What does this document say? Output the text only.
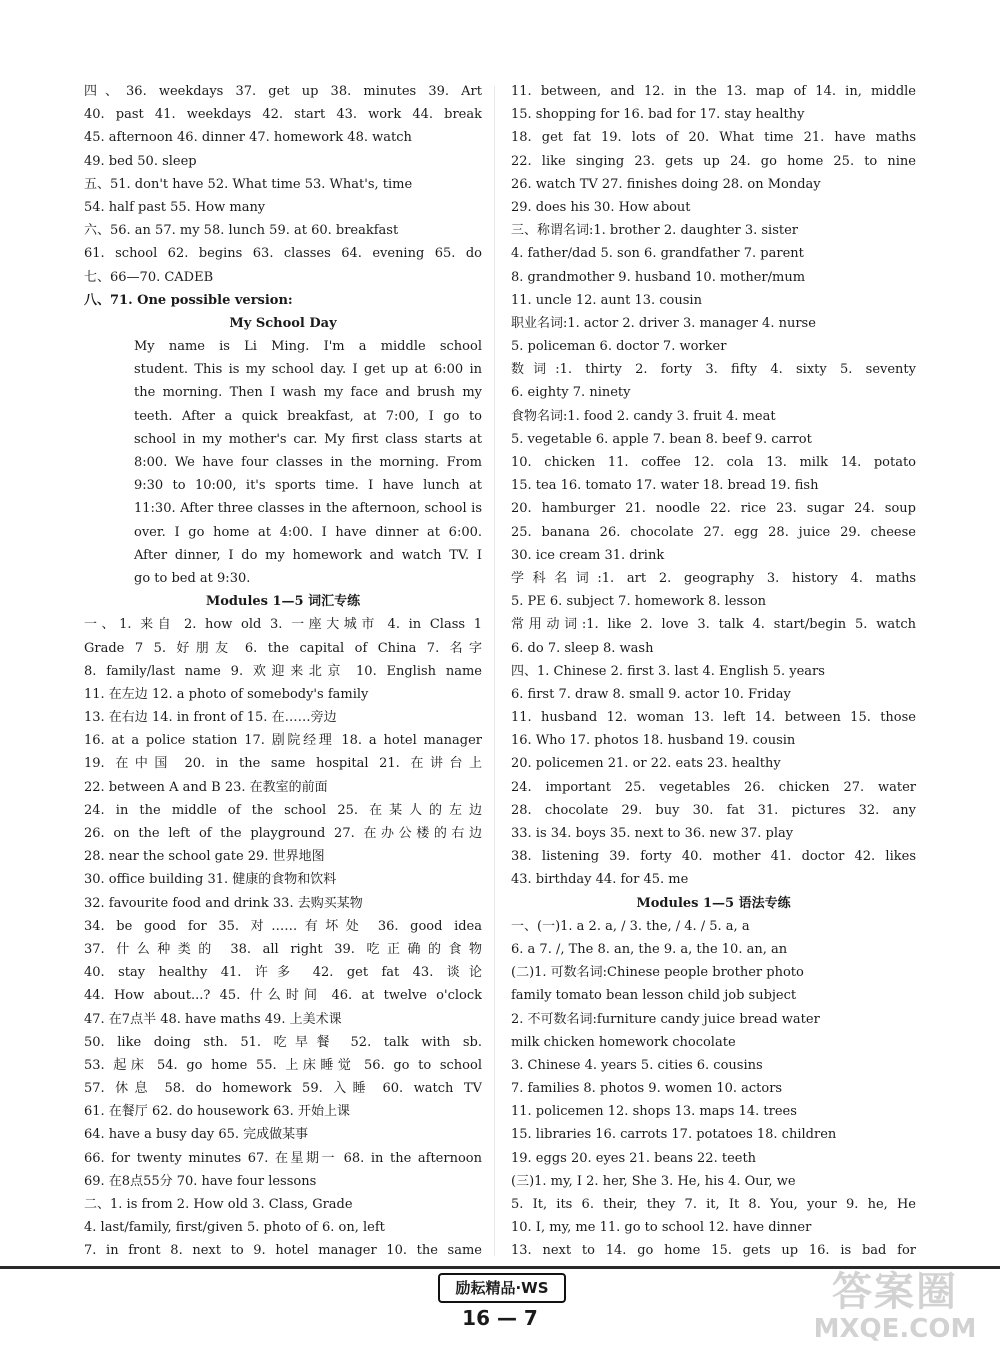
四、36. weekdays 37. get up 38. minutes 39. Art
40. past 41. weekdays 42. start 43. work 44. break
45. afternoon 46. dinner 47. homework 48. watch
49. bed 50. sleep
五、51. don't have 52. What time 53. What's, time
54. half past 55. How many
六、56. an 57. my 58. lunch 59. at 60. breakfast
61. school 62. begins 63. classes 64. evening 65. do
七、66—70. CADEB
八、71. One possible version:
My School Day
My name is Li Ming. I'm a middle school
student. This is my school day. I get up at 6:00 in
the morning. Then I wash my face and brush my
teeth. After a quick breakfast, at 7:00, I go to
school in my mother's car. My first class starts at
8:00. We have four classes in the morning. From
9:30 to 10:00, it's sports time. I have lunch at
11:30. After three classes in the afternoon, school is
over. I go home at 4:00. I have dinner at 6:00.
After dinner, I do my homework and watch TV. I
go to bed at 9:30.
Modules 1—5 词汇专练
一、1. 来自 2. how old 3. 一座大城市 4. in Class 1
Grade 7 5. 好朋友 6. the capital of China 7. 名字
8. family/last name 9. 欢迎来北京 10. English name
11. 在左边 12. a photo of somebody's family
13. 在右边 14. in front of 15. 在……旁边
16. at a police station 17. 剧院经理 18. a hotel manager
19. 在中国 20. in the same hospital 21. 在讲台上
22. between A and B 23. 在教室的前面
24. in the middle of the school 25. 在某人的左边
26. on the left of the playground 27. 在办公楼的右边
28. near the school gate 29. 世界地图
30. office building 31. 健康的食物和饮料
32. favourite food and drink 33. 去购买某物
34. be good for 35. 对……有坏处 36. good idea
37. 什么种类的 38. all right 39. 吃正确的食物
40. stay healthy 41. 许多 42. get fat 43. 谈论
44. How about...? 45. 什么时间 46. at twelve o'clock
47. 在7点半 48. have maths 49. 上美术课
50. like doing sth. 51. 吃早餐 52. talk with sb.
53. 起床 54. go home 55. 上床睡觉 56. go to school
57. 休息 58. do homework 59. 入睡 60. watch TV
61. 在餐厅 62. do housework 63. 开始上课
64. have a busy day 65. 完成做某事
66. for twenty minutes 67. 在星期一 68. in the afternoon
69. 在8点55分 70. have four lessons
二、1. is from 2. How old 3. Class, Grade
4. last/family, first/given 5. photo of 6. on, left
7. in front 8. next to 9. hotel manager 10. the same
11. between, and 12. in the 13. map of 14. in, middle
15. shopping for 16. bad for 17. stay healthy
18. get fat 19. lots of 20. What time 21. have maths
22. like singing 23. gets up 24. go home 25. to nine
26. watch TV 27. finishes doing 28. on Monday
29. does his 30. How about
三、称谓名词:1. brother 2. daughter 3. sister
4. father/dad 5. son 6. grandfather 7. parent
8. grandmother 9. husband 10. mother/mum
11. uncle 12. aunt 13. cousin
职业名词:1. actor 2. driver 3. manager 4. nurse
5. policeman 6. doctor 7. worker
数词:1. thirty 2. forty 3. fifty 4. sixty 5. seventy
6. eighty 7. ninety
食物名词:1. food 2. candy 3. fruit 4. meat
5. vegetable 6. apple 7. bean 8. beef 9. carrot
10. chicken 11. coffee 12. cola 13. milk 14. potato
15. tea 16. tomato 17. water 18. bread 19. fish
20. hamburger 21. noodle 22. rice 23. sugar 24. soup
25. banana 26. chocolate 27. egg 28. juice 29. cheese
30. ice cream 31. drink
学科名词:1. art 2. geography 3. history 4. maths
5. PE 6. subject 7. homework 8. lesson
常用动词:1. like 2. love 3. talk 4. start/begin 5. watch
6. do 7. sleep 8. wash
四、1. Chinese 2. first 3. last 4. English 5. years
6. first 7. draw 8. small 9. actor 10. Friday
11. husband 12. woman 13. left 14. between 15. those
16. Who 17. photos 18. husband 19. cousin
20. policemen 21. or 22. eats 23. healthy
24. important 25. vegetables 26. chicken 27. water
28. chocolate 29. buy 30. fat 31. pictures 32. any
33. is 34. boys 35. next to 36. new 37. play
38. listening 39. forty 40. mother 41. doctor 42. likes
43. birthday 44. for 45. me
Modules 1—5 语法专练
一、(一)1. a 2. a, / 3. the, / 4. / 5. a, a
6. a 7. /, The 8. an, the 9. a, the 10. an, an
(二)1. 可数名词:Chinese people brother photo
family tomato bean lesson child job subject
2. 不可数名词:furniture candy juice bread water
milk chicken homework chocolate
3. Chinese 4. years 5. cities 6. cousins
7. families 8. photos 9. women 10. actors
11. policemen 12. shops 13. maps 14. trees
15. libraries 16. carrots 17. potatoes 18. children
19. eggs 20. eyes 21. beans 22. teeth
(三)1. my, I 2. her, She 3. He, his 4. Our, we
5. It, its 6. their, they 7. it, It 8. You, your 9. he, He
10. I, my, me 11. go to school 12. have dinner
13. next to 14. go home 15. gets up 16. is bad for
励耘精品·WS
16 — 7
答案圈
MXQE.COM
